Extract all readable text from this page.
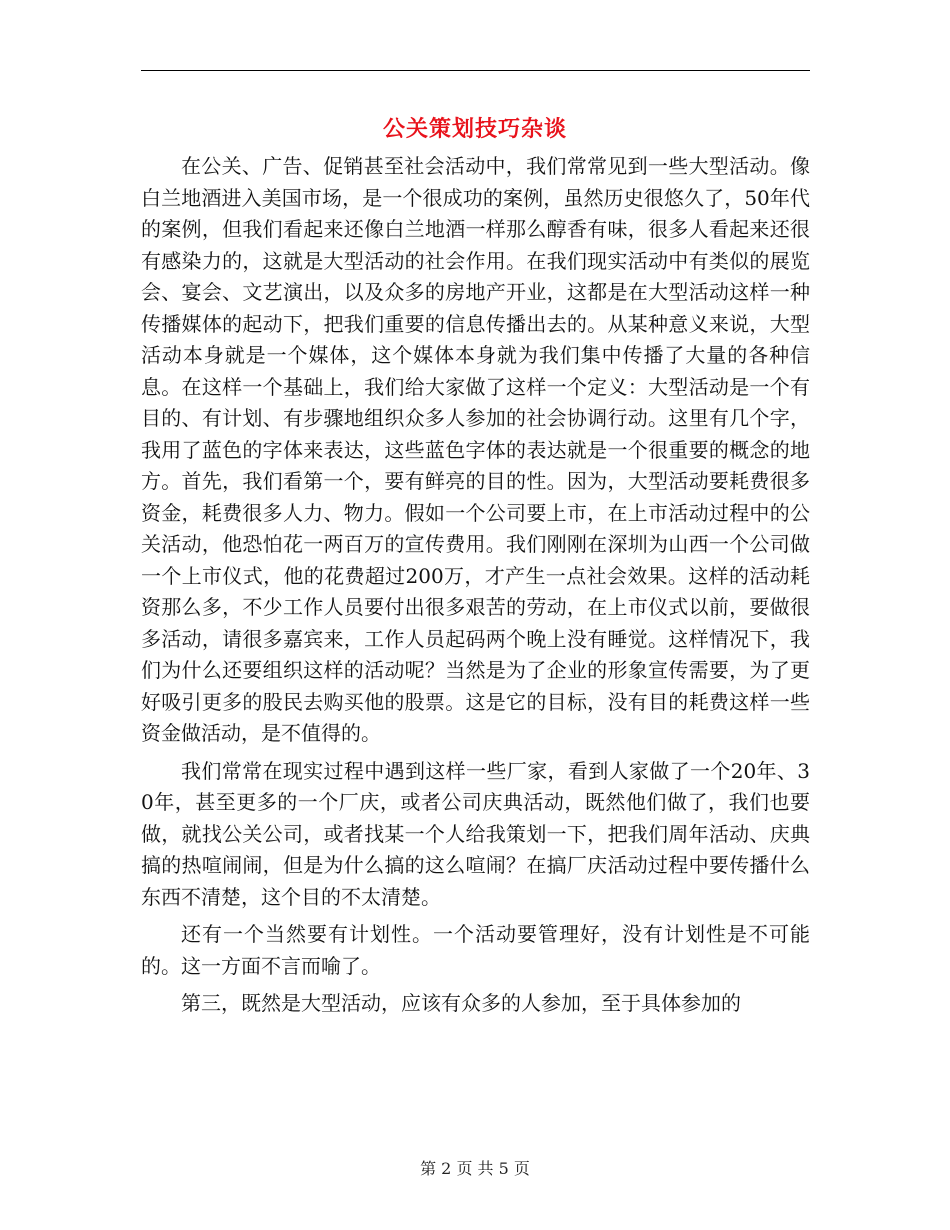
公关策划技巧杂谈

在公关、广告、促销甚至社会活动中，我们常常见到一些大型活动。像白兰地酒进入美国市场，是一个很成功的案例，虽然历史很悠久了，50年代的案例，但我们看起来还像白兰地酒一样那么醇香有味，很多人看起来还很有感染力的，这就是大型活动的社会作用。在我们现实活动中有类似的展览会、宴会、文艺演出，以及众多的房地产开业，这都是在大型活动这样一种传播媒体的起动下，把我们重要的信息传播出去的。从某种意义来说，大型活动本身就是一个媒体，这个媒体本身就为我们集中传播了大量的各种信息。在这样一个基础上，我们给大家做了这样一个定义：大型活动是一个有目的、有计划、有步骤地组织众多人参加的社会协调行动。这里有几个字，我用了蓝色的字体来表达，这些蓝色字体的表达就是一个很重要的概念的地方。首先，我们看第一个，要有鲜亮的目的性。因为，大型活动要耗费很多资金，耗费很多人力、物力。假如一个公司要上市，在上市活动过程中的公关活动，他恐怕花一两百万的宣传费用。我们刚刚在深圳为山西一个公司做一个上市仪式，他的花费超过200万，才产生一点社会效果。这样的活动耗资那么多，不少工作人员要付出很多艰苦的劳动，在上市仪式以前，要做很多活动，请很多嘉宾来，工作人员起码两个晚上没有睡觉。这样情况下，我们为什么还要组织这样的活动呢？当然是为了企业的形象宣传需要，为了更好吸引更多的股民去购买他的股票。这是它的目标，没有目的耗费这样一些资金做活动，是不值得的。

我们常常在现实过程中遇到这样一些厂家，看到人家做了一个20年、30年，甚至更多的一个厂庆，或者公司庆典活动，既然他们做了，我们也要做，就找公关公司，或者找某一个人给我策划一下，把我们周年活动、庆典搞的热喧闹闹，但是为什么搞的这么喧闹？在搞厂庆活动过程中要传播什么东西不清楚，这个目的不太清楚。

还有一个当然要有计划性。一个活动要管理好，没有计划性是不可能的。这一方面不言而喻了。

第三，既然是大型活动，应该有众多的人参加，至于具体参加的

第 2 页 共 5 页
